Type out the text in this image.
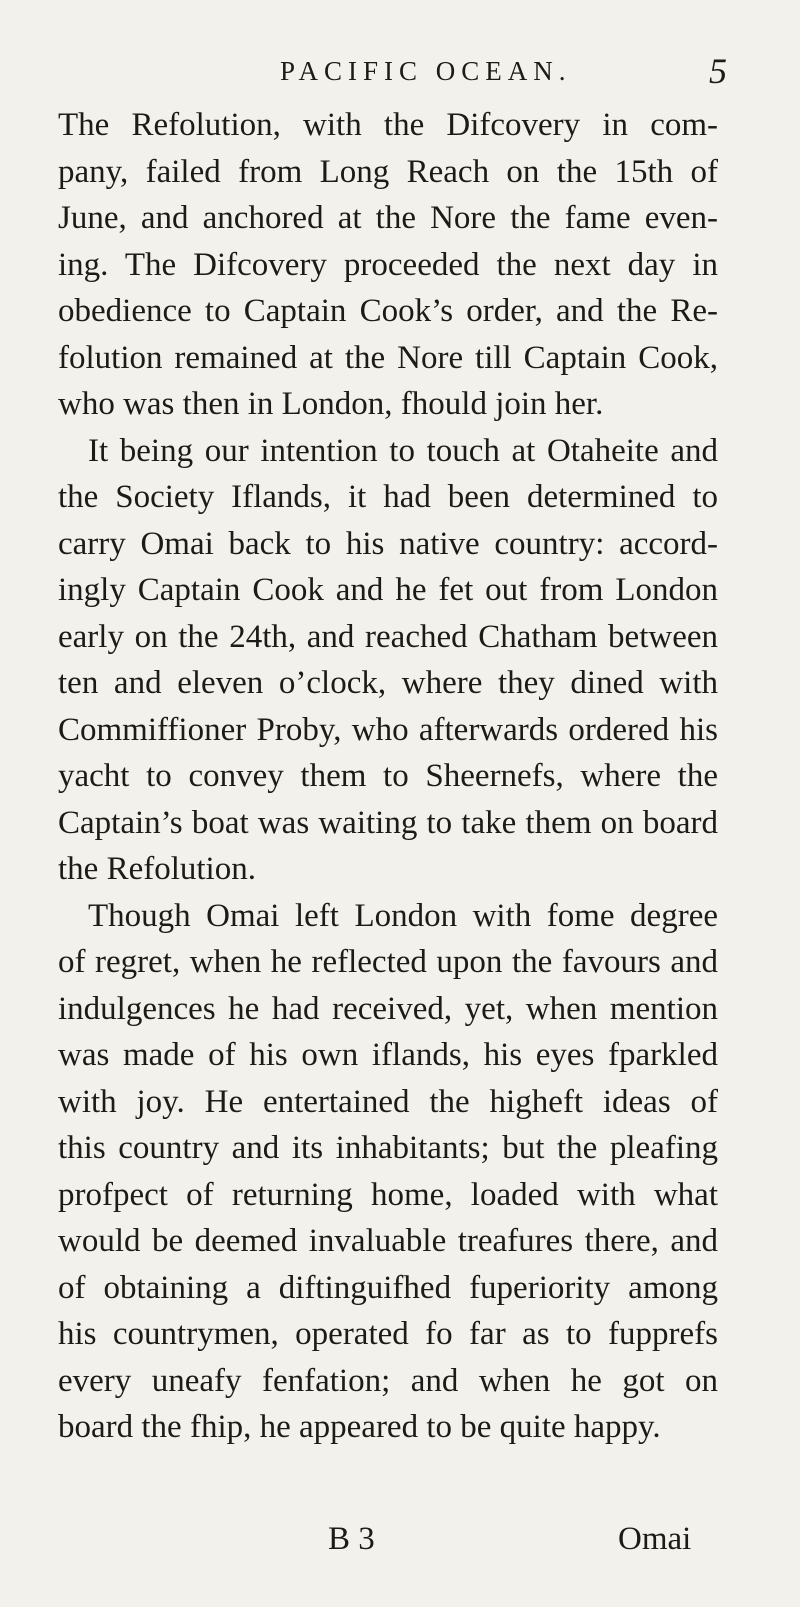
PACIFIC OCEAN.	5
The Refolution, with the Difcovery in com-
pany, failed from Long Reach on the 15th of
June, and anchored at the Nore the fame even-
ing. The Difcovery proceeded the next day in
obedience to Captain Cook’s order, and the Re-
folution remained at the Nore till Captain Cook,
who was then in London, fhould join her.
It being our intention to touch at Otaheite and
the Society Iflands, it had been determined to
carry Omai back to his native country: accord-
ingly Captain Cook and he fet out from London
early on the 24th, and reached Chatham between
ten and eleven o’clock, where they dined with
Commiffioner Proby, who afterwards ordered his
yacht to convey them to Sheernefs, where the
Captain’s boat was waiting to take them on board
the Refolution.
Though Omai left London with fome degree
of regret, when he reflected upon the favours and
indulgences he had received, yet, when mention
was made of his own iflands, his eyes fparkled
with joy. He entertained the higheft ideas of
this country and its inhabitants; but the pleafing
profpect of returning home, loaded with what
would be deemed invaluable treafures there, and
of obtaining a diftinguifhed fuperiority among
his countrymen, operated fo far as to fupprefs
every uneafy fenfation; and when he got on
board the fhip, he appeared to be quite happy.
B 3	Omai
